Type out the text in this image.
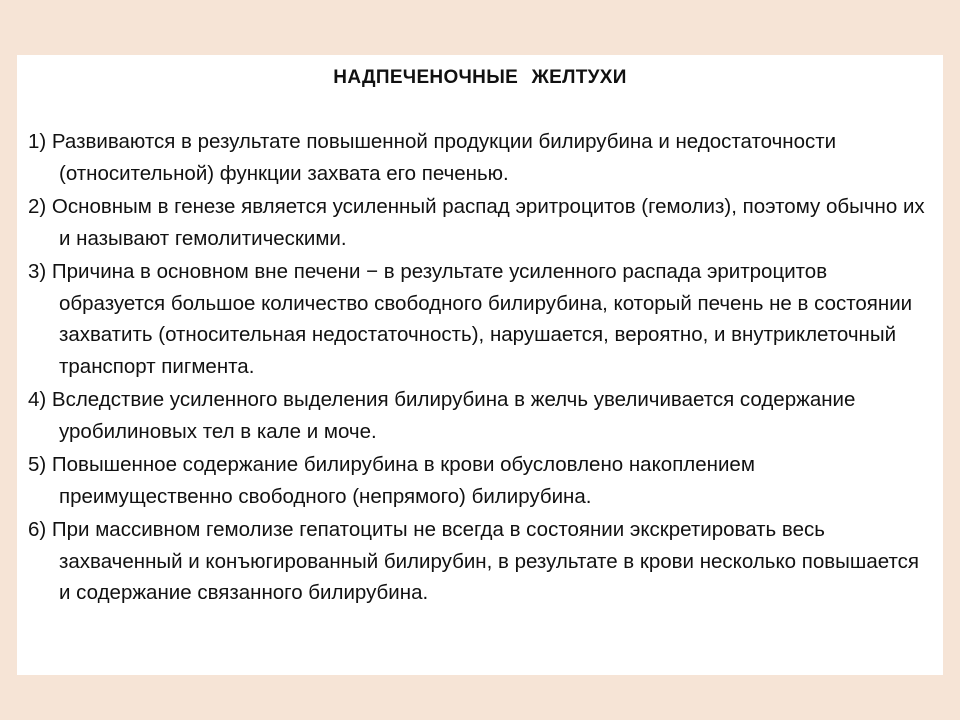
НАДПЕЧЕНОЧНЫЕ ЖЕЛТУХИ
1) Развиваются в результате повышенной продукции билирубина и недостаточности (относительной) функции захвата его печенью.
2) Основным в генезе является усиленный распад эритроцитов (гемолиз), поэтому обычно их и называют гемолитическими.
3) Причина в основном вне печени − в результате усиленного распада эритроцитов образуется большое количество свободного билирубина, который печень не в состоянии захватить (относительная недостаточность), нарушается, вероятно, и внутриклеточный транспорт пигмента.
4) Вследствие усиленного выделения билирубина в желчь увеличивается содержание уробилиновых тел в кале и моче.
5) Повышенное содержание билирубина в крови обусловлено накоплением преимущественно свободного (непрямого) билирубина.
6) При массивном гемолизе гепатоциты не всегда в состоянии экскретировать весь захваченный и конъюгированный билирубин, в результате в крови несколько повышается и содержание связанного билирубина.
